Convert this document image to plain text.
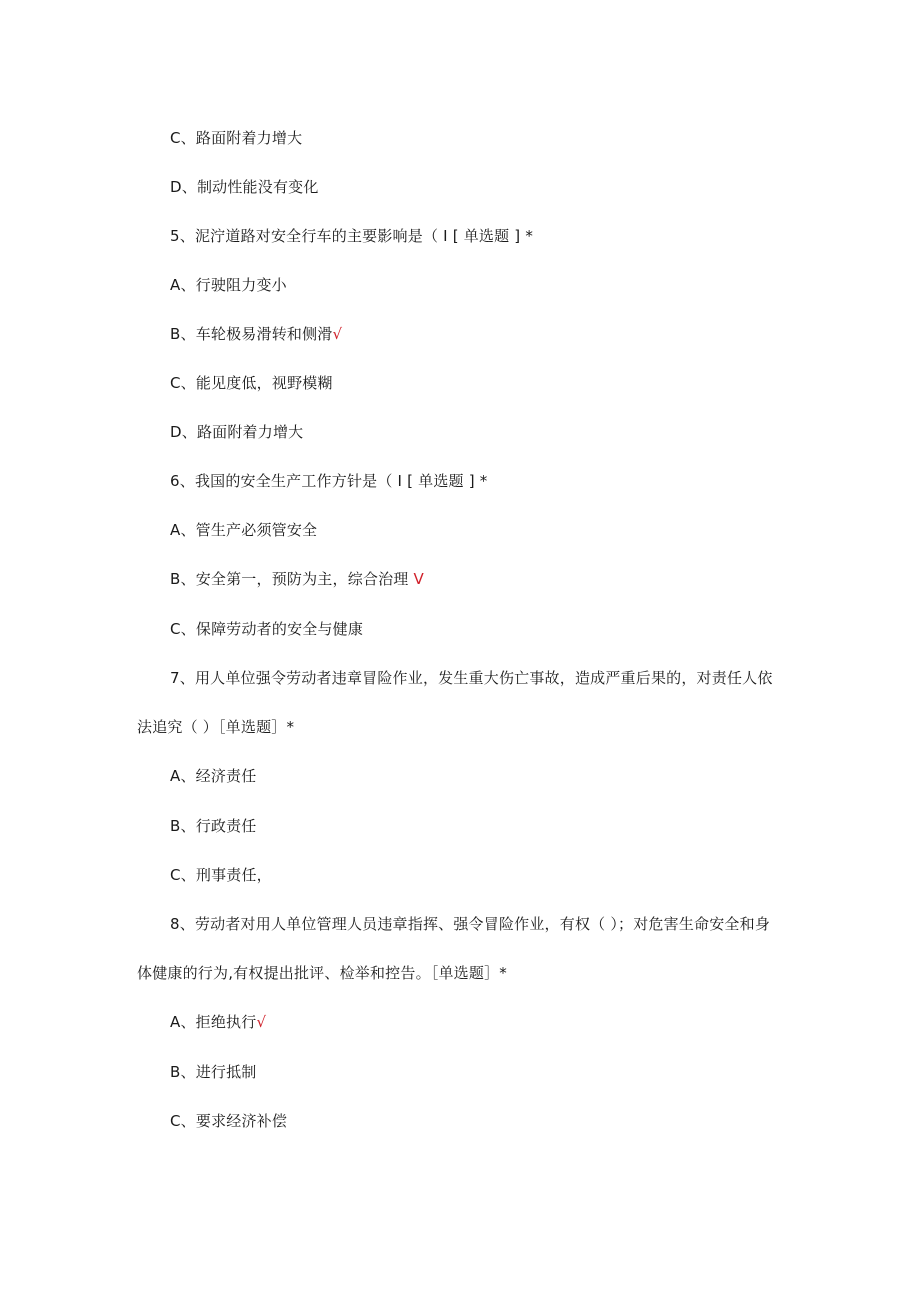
C、路面附着力增大
D、制动性能没有变化
5、泥泞道路对安全行车的主要影响是（ I [ 单选题 ] *
A、行驶阻力变小
B、车轮极易滑转和侧滑√
C、能见度低，视野模糊
D、路面附着力增大
6、我国的安全生产工作方针是（ I [ 单选题 ] *
A、管生产必须管安全
B、安全第一，预防为主，综合治理 V
C、保障劳动者的安全与健康
7、用人单位强令劳动者违章冒险作业，发生重大伤亡事故，造成严重后果的，对责任人依
法追究（ ）［单选题］*
A、经济责任
B、行政责任
C、刑事责任，
8、劳动者对用人单位管理人员违章指挥、强令冒险作业，有权（ ）；对危害生命安全和身
体健康的行为,有权提出批评、检举和控告。［单选题］*
A、拒绝执行√
B、进行抵制
C、要求经济补偿
